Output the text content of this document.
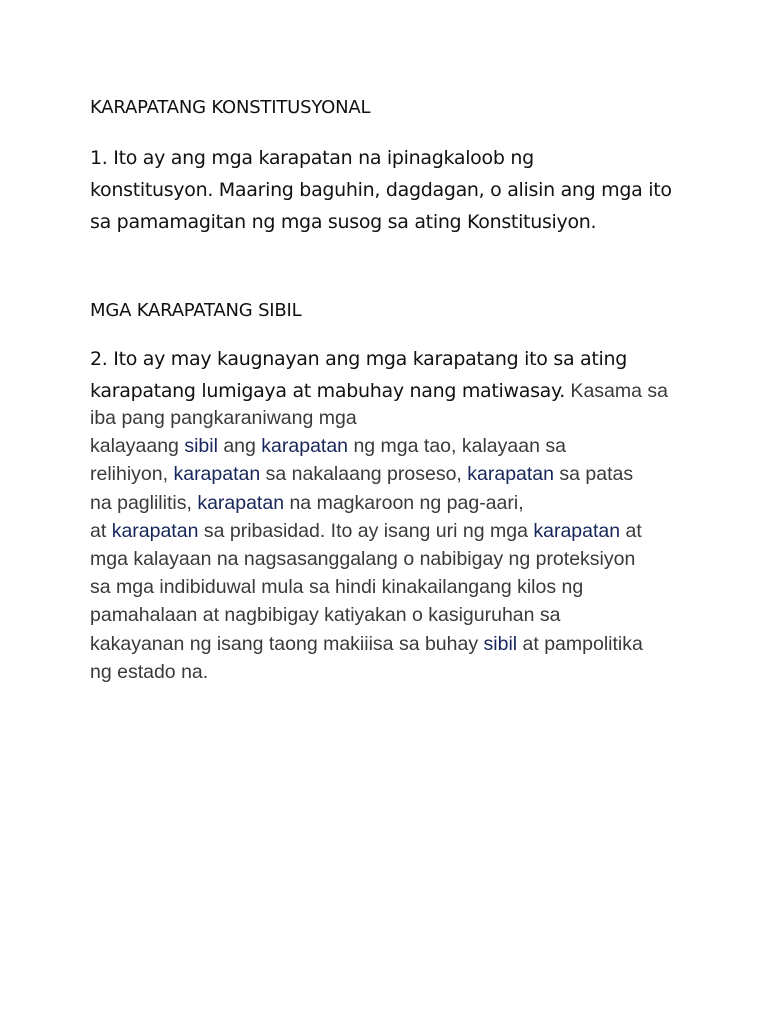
KARAPATANG KONSTITUSYONAL
1. Ito ay ang mga karapatan na ipinagkaloob ng
konstitusyon. Maaring baguhin, dagdagan, o alisin ang mga ito
sa pamamagitan ng mga susog sa ating Konstitusiyon.
MGA KARAPATANG SIBIL
2. Ito ay may kaugnayan ang mga karapatang ito sa ating
karapatang lumigaya at mabuhay nang matiwasay. Kasama sa
iba pang pangkaraniwang mga
kalayaang sibil ang karapatan ng mga tao, kalayaan sa
relihiyon, karapatan sa nakalaang proseso, karapatan sa patas
na paglilitis, karapatan na magkaroon ng pag-aari,
at karapatan sa pribasidad. Ito ay isang uri ng mga karapatan at
mga kalayaan na nagsasanggalang o nabibigay ng proteksiyon
sa mga indibiduwal mula sa hindi kinakailangang kilos ng
pamahalaan at nagbibigay katiyakan o kasiguruhan sa
kakayanan ng isang taong makiiisa sa buhay sibil at pampolitika
ng estado na.
